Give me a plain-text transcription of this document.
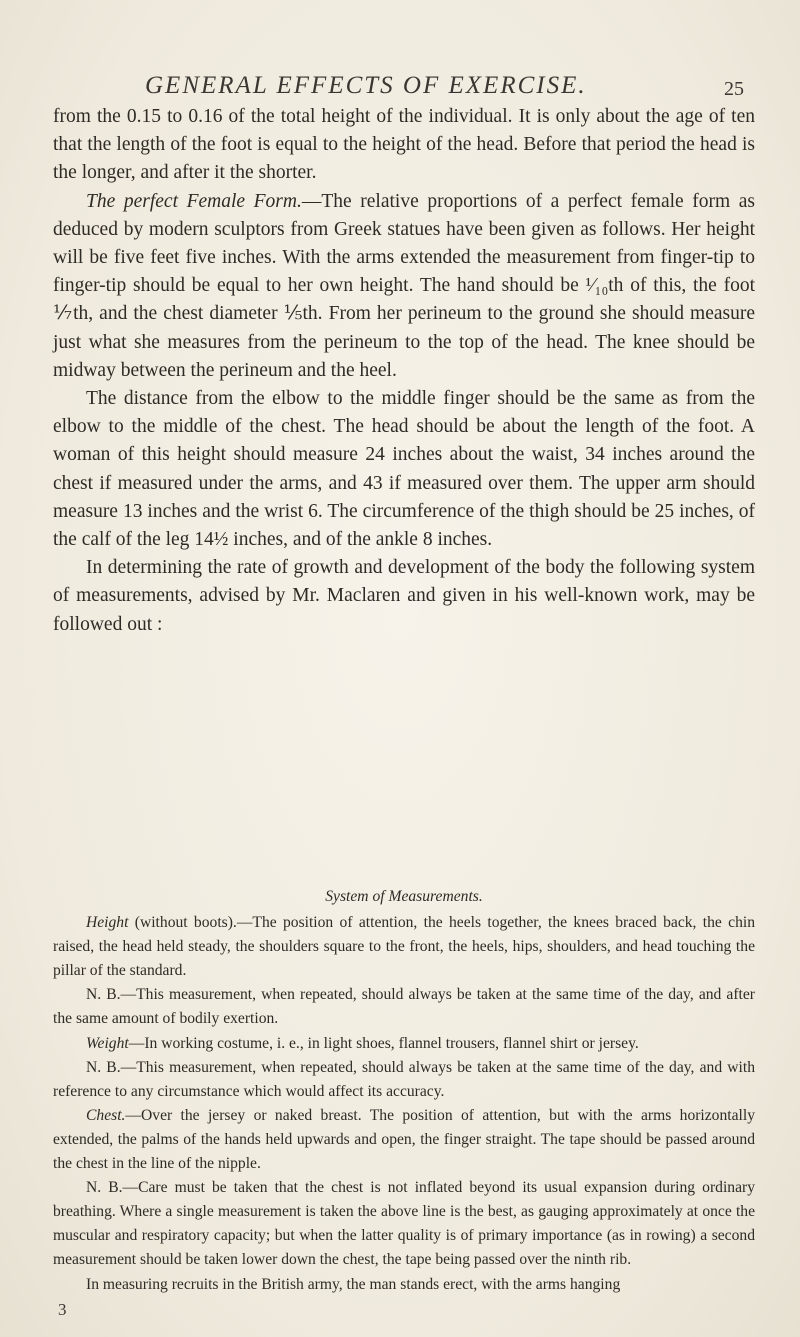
GENERAL EFFECTS OF EXERCISE.	25

from the 0.15 to 0.16 of the total height of the individual. It is only about the age of ten that the length of the foot is equal to the height of the head. Before that period the head is the longer, and after it the shorter.

The perfect Female Form.—The relative proportions of a perfect female form as deduced by modern sculptors from Greek statues have been given as follows. Her height will be five feet five inches. With the arms extended the measurement from finger-tip to finger-tip should be equal to her own height. The hand should be ¹⁄₁₀th of this, the foot ⅐th, and the chest diameter ⅕th. From her perineum to the ground she should measure just what she measures from the perineum to the top of the head. The knee should be midway between the perineum and the heel.

The distance from the elbow to the middle finger should be the same as from the elbow to the middle of the chest. The head should be about the length of the foot. A woman of this height should measure 24 inches about the waist, 34 inches around the chest if measured under the arms, and 43 if measured over them. The upper arm should measure 13 inches and the wrist 6. The circumference of the thigh should be 25 inches, of the calf of the leg 14½ inches, and of the ankle 8 inches.

In determining the rate of growth and development of the body the following system of measurements, advised by Mr. Maclaren and given in his well-known work, may be followed out :

System of Measurements.

Height (without boots).—The position of attention, the heels together, the knees braced back, the chin raised, the head held steady, the shoulders square to the front, the heels, hips, shoulders, and head touching the pillar of the standard.

N. B.—This measurement, when repeated, should always be taken at the same time of the day, and after the same amount of bodily exertion.

Weight—In working costume, i. e., in light shoes, flannel trousers, flannel shirt or jersey.

N. B.—This measurement, when repeated, should always be taken at the same time of the day, and with reference to any circumstance which would affect its accuracy.

Chest.—Over the jersey or naked breast. The position of attention, but with the arms horizontally extended, the palms of the hands held upwards and open, the finger straight. The tape should be passed around the chest in the line of the nipple.

N. B.—Care must be taken that the chest is not inflated beyond its usual expansion during ordinary breathing. Where a single measurement is taken the above line is the best, as gauging approximately at once the muscular and respiratory capacity; but when the latter quality is of primary importance (as in rowing) a second measurement should be taken lower down the chest, the tape being passed over the ninth rib.

In measuring recruits in the British army, the man stands erect, with the arms hanging

3
